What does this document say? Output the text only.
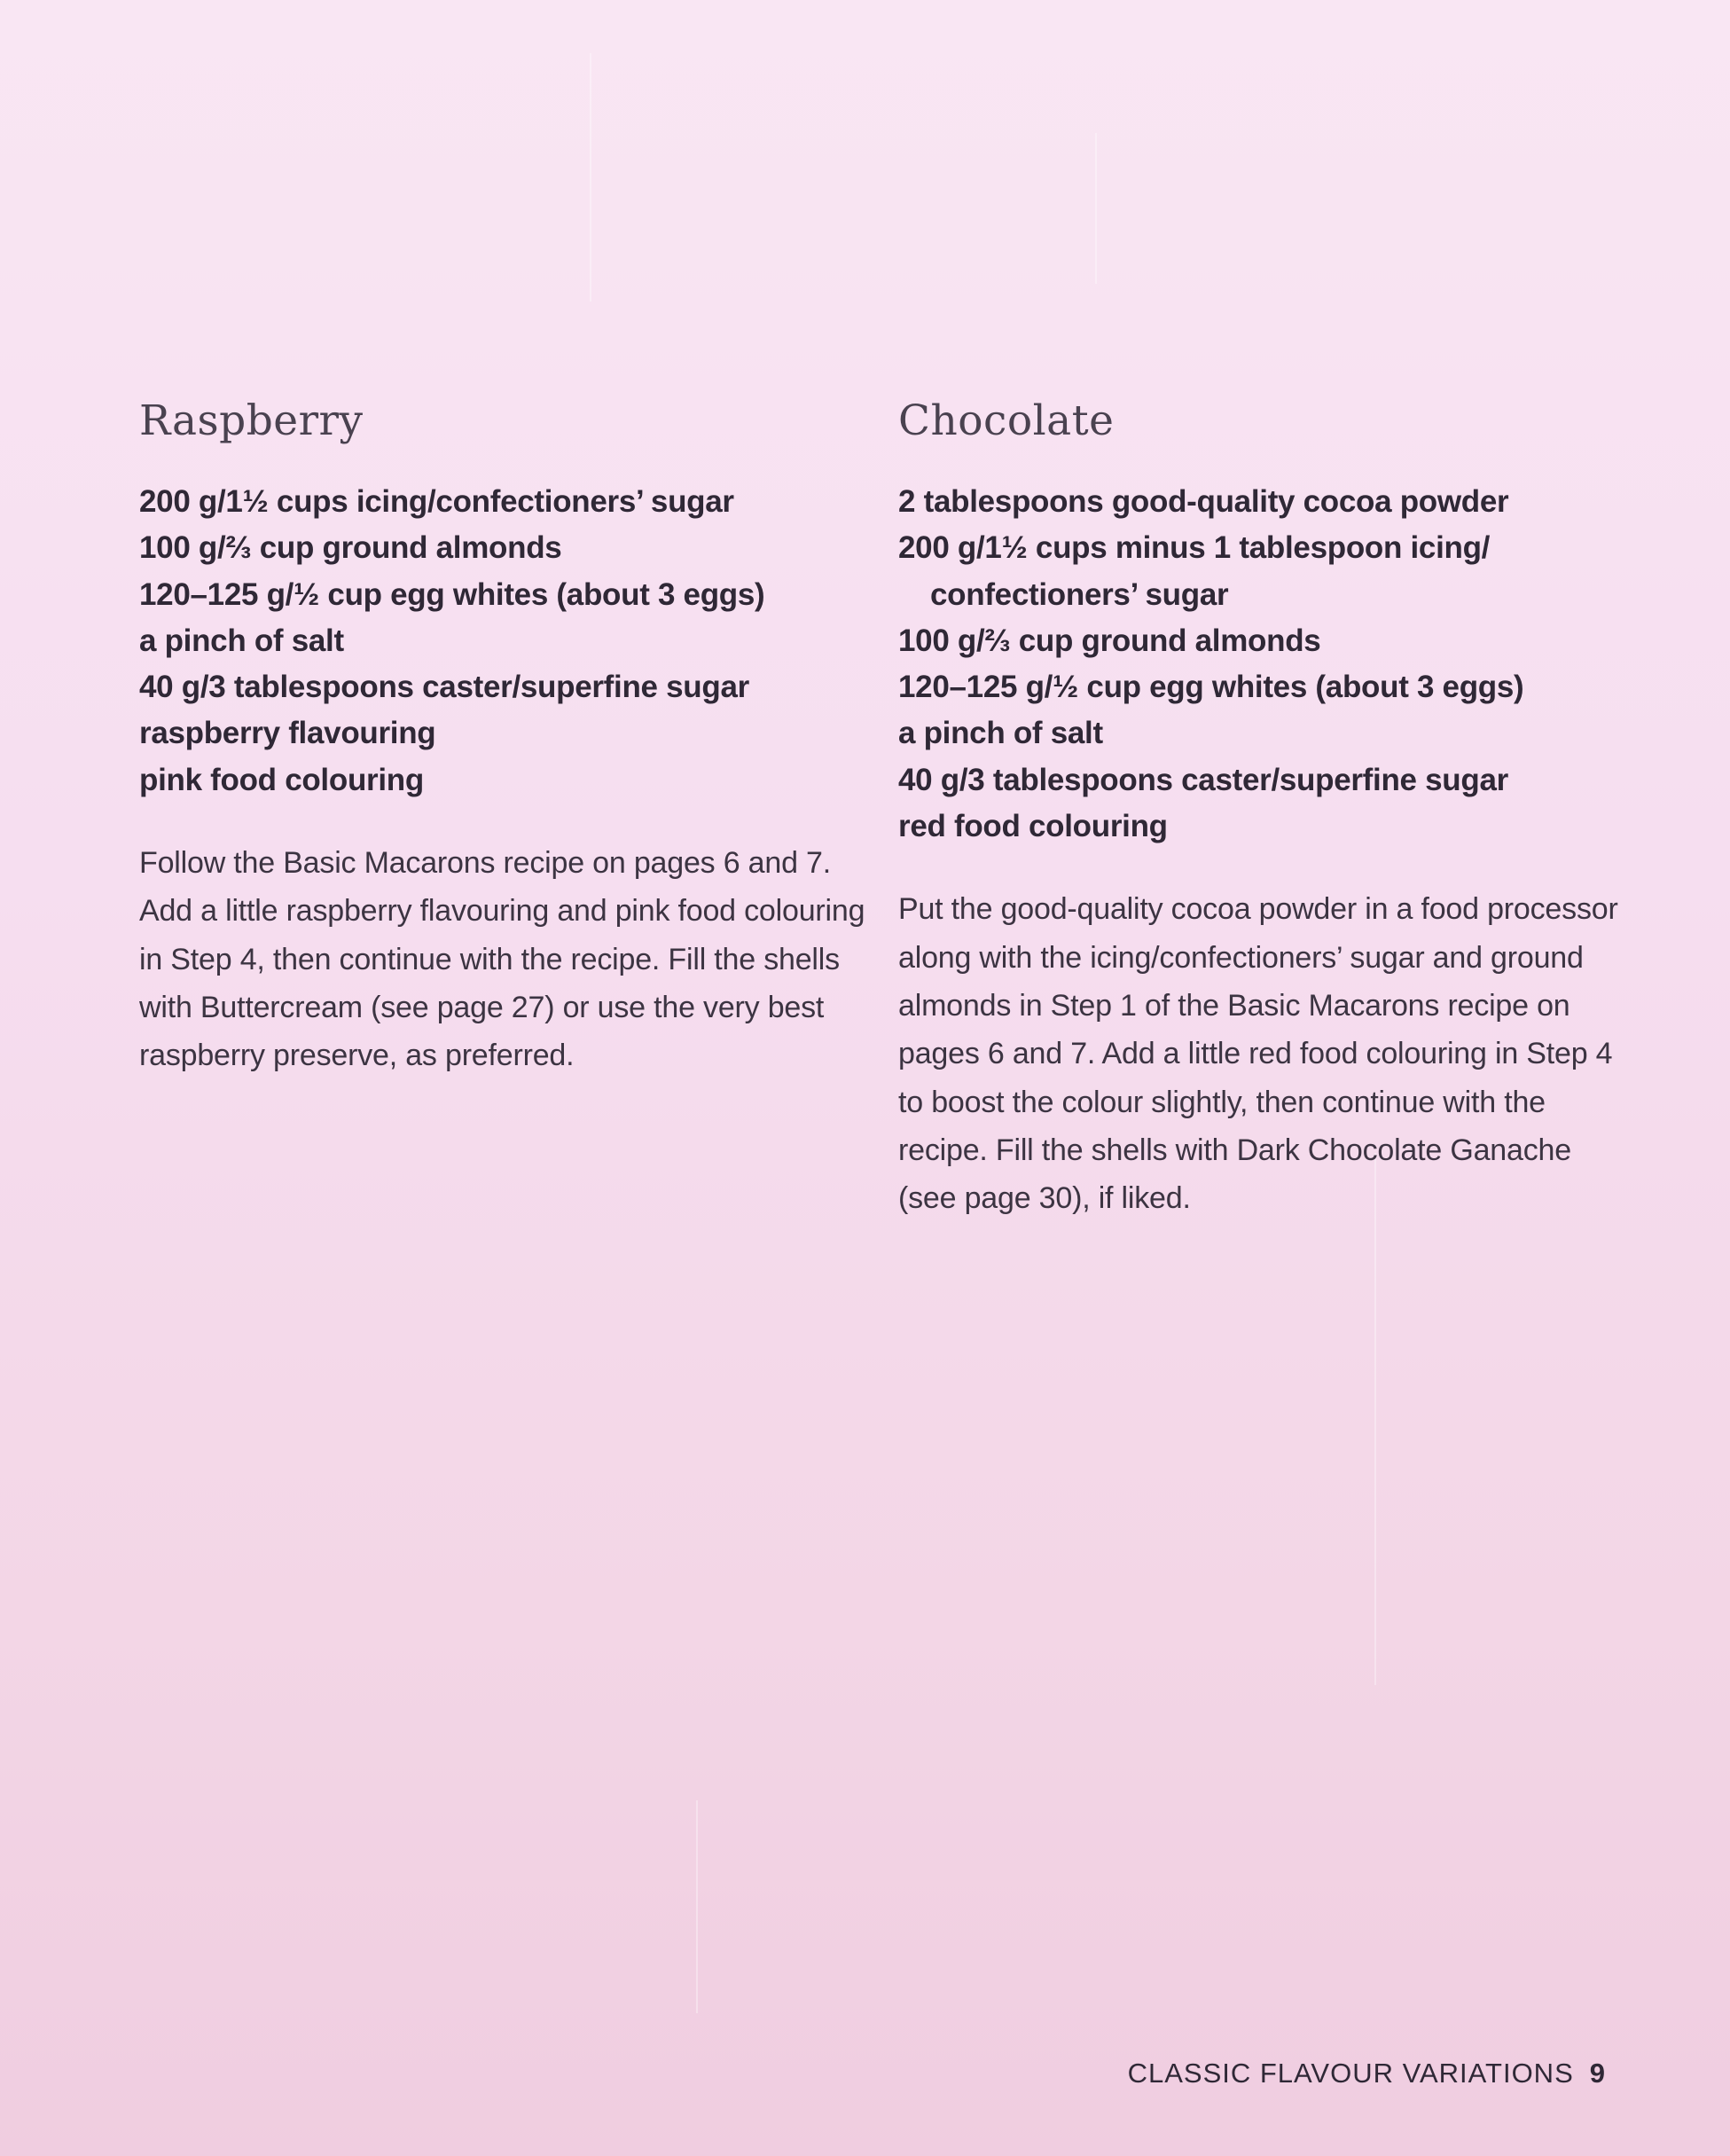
Raspberry
200 g/1½ cups icing/confectioners’ sugar
100 g/⅔ cup ground almonds
120–125 g/½ cup egg whites (about 3 eggs)
a pinch of salt
40 g/3 tablespoons caster/superfine sugar
raspberry flavouring
pink food colouring

Follow the Basic Macarons recipe on pages 6 and 7. Add a little raspberry flavouring and pink food colouring in Step 4, then continue with the recipe. Fill the shells with Buttercream (see page 27) or use the very best raspberry preserve, as preferred.

Chocolate
2 tablespoons good-quality cocoa powder
200 g/1½ cups minus 1 tablespoon icing/ confectioners’ sugar
100 g/⅔ cup ground almonds
120–125 g/½ cup egg whites (about 3 eggs)
a pinch of salt
40 g/3 tablespoons caster/superfine sugar
red food colouring

Put the good-quality cocoa powder in a food processor along with the icing/confectioners’ sugar and ground almonds in Step 1 of the Basic Macarons recipe on pages 6 and 7. Add a little red food colouring in Step 4 to boost the colour slightly, then continue with the recipe. Fill the shells with Dark Chocolate Ganache (see page 30), if liked.

CLASSIC FLAVOUR VARIATIONS 9
